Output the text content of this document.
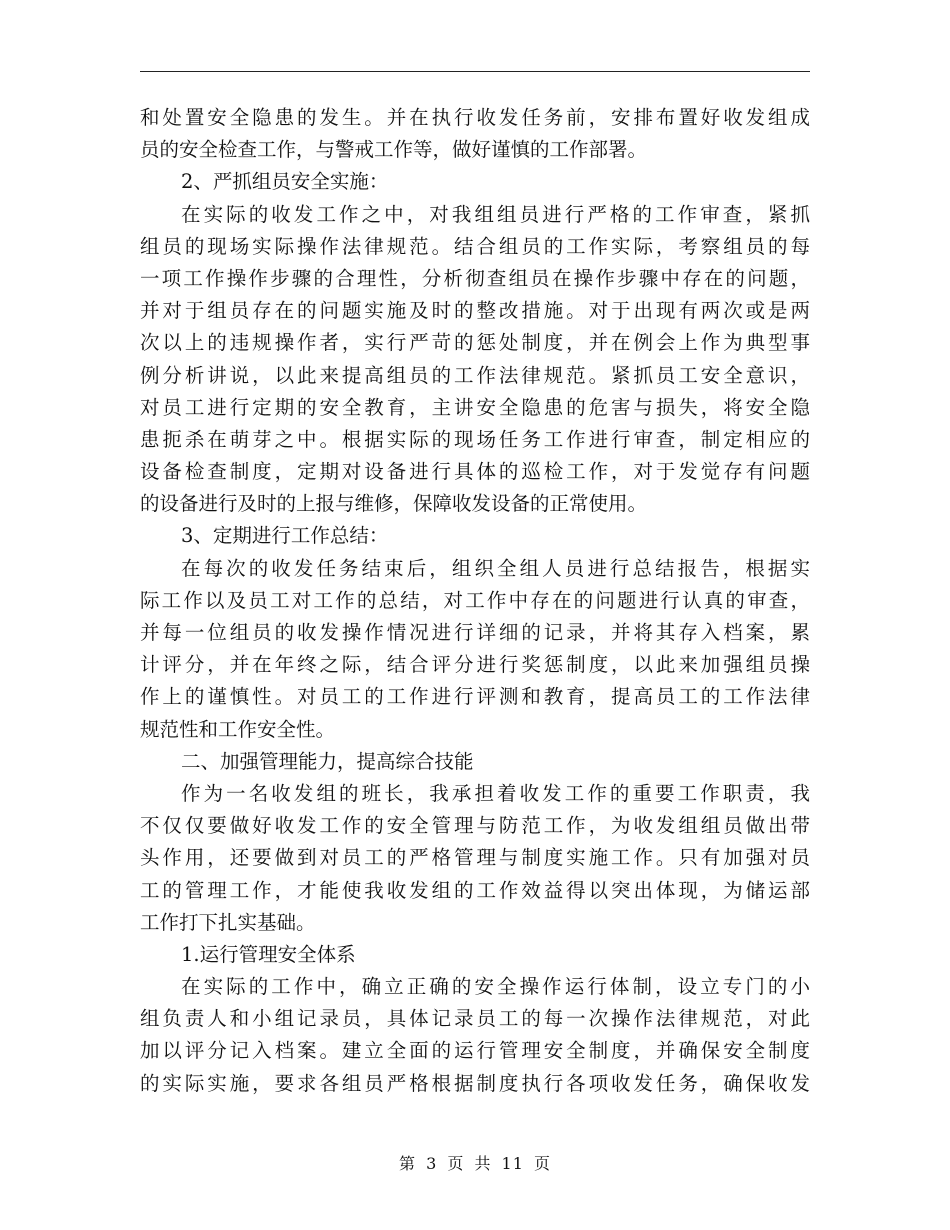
和处置安全隐患的发生。并在执行收发任务前，安排布置好收发组成
员的安全检查工作，与警戒工作等，做好谨慎的工作部署。
2、严抓组员安全实施：
在实际的收发工作之中，对我组组员进行严格的工作审查，紧抓
组员的现场实际操作法律规范。结合组员的工作实际，考察组员的每
一项工作操作步骤的合理性，分析彻查组员在操作步骤中存在的问题，
并对于组员存在的问题实施及时的整改措施。对于出现有两次或是两
次以上的违规操作者，实行严苛的惩处制度，并在例会上作为典型事
例分析讲说，以此来提高组员的工作法律规范。紧抓员工安全意识，
对员工进行定期的安全教育，主讲安全隐患的危害与损失，将安全隐
患扼杀在萌芽之中。根据实际的现场任务工作进行审查，制定相应的
设备检查制度，定期对设备进行具体的巡检工作，对于发觉存有问题
的设备进行及时的上报与维修，保障收发设备的正常使用。
3、定期进行工作总结：
在每次的收发任务结束后，组织全组人员进行总结报告，根据实
际工作以及员工对工作的总结，对工作中存在的问题进行认真的审查，
并每一位组员的收发操作情况进行详细的记录，并将其存入档案，累
计评分，并在年终之际，结合评分进行奖惩制度，以此来加强组员操
作上的谨慎性。对员工的工作进行评测和教育，提高员工的工作法律
规范性和工作安全性。
二、加强管理能力，提高综合技能
作为一名收发组的班长，我承担着收发工作的重要工作职责，我
不仅仅要做好收发工作的安全管理与防范工作，为收发组组员做出带
头作用，还要做到对员工的严格管理与制度实施工作。只有加强对员
工的管理工作，才能使我收发组的工作效益得以突出体现，为储运部
工作打下扎实基础。
1.运行管理安全体系
在实际的工作中，确立正确的安全操作运行体制，设立专门的小
组负责人和小组记录员，具体记录员工的每一次操作法律规范，对此
加以评分记入档案。建立全面的运行管理安全制度，并确保安全制度
的实际实施，要求各组员严格根据制度执行各项收发任务，确保收发
第 3 页 共 11 页
